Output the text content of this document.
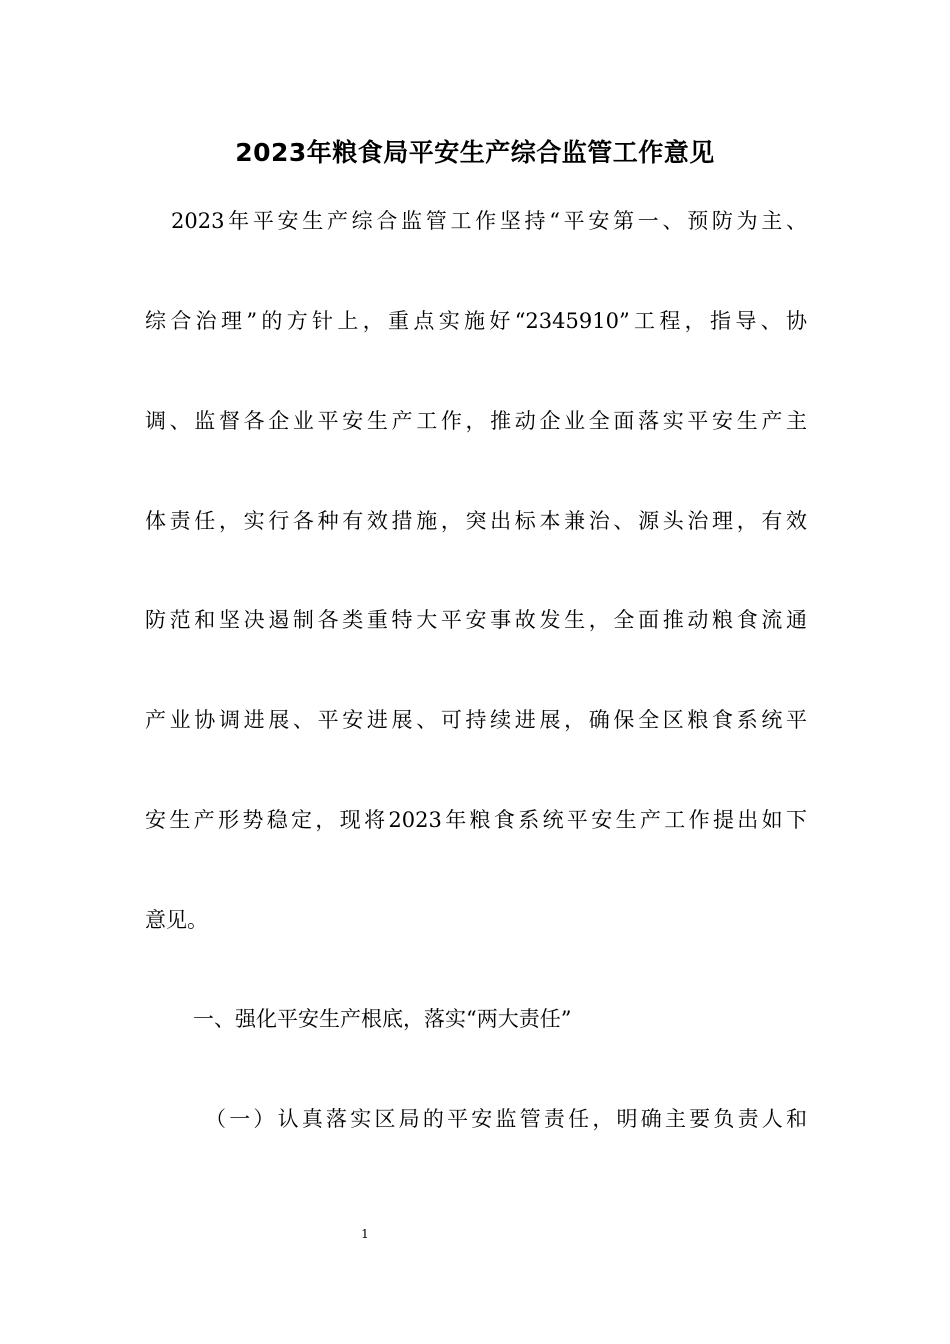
2023年粮食局平安生产综合监管工作意见
2023年平安生产综合监管工作坚持“平安第一、预防为主、
综合治理”的方针上，重点实施好“2345910”工程，指导、协
调、监督各企业平安生产工作，推动企业全面落实平安生产主
体责任，实行各种有效措施，突出标本兼治、源头治理，有效
防范和坚决遏制各类重特大平安事故发生，全面推动粮食流通
产业协调进展、平安进展、可持续进展，确保全区粮食系统平
安生产形势稳定，现将2023年粮食系统平安生产工作提出如下
意见。
一、强化平安生产根底，落实“两大责任”
（一）认真落实区局的平安监管责任，明确主要负责人和
1
